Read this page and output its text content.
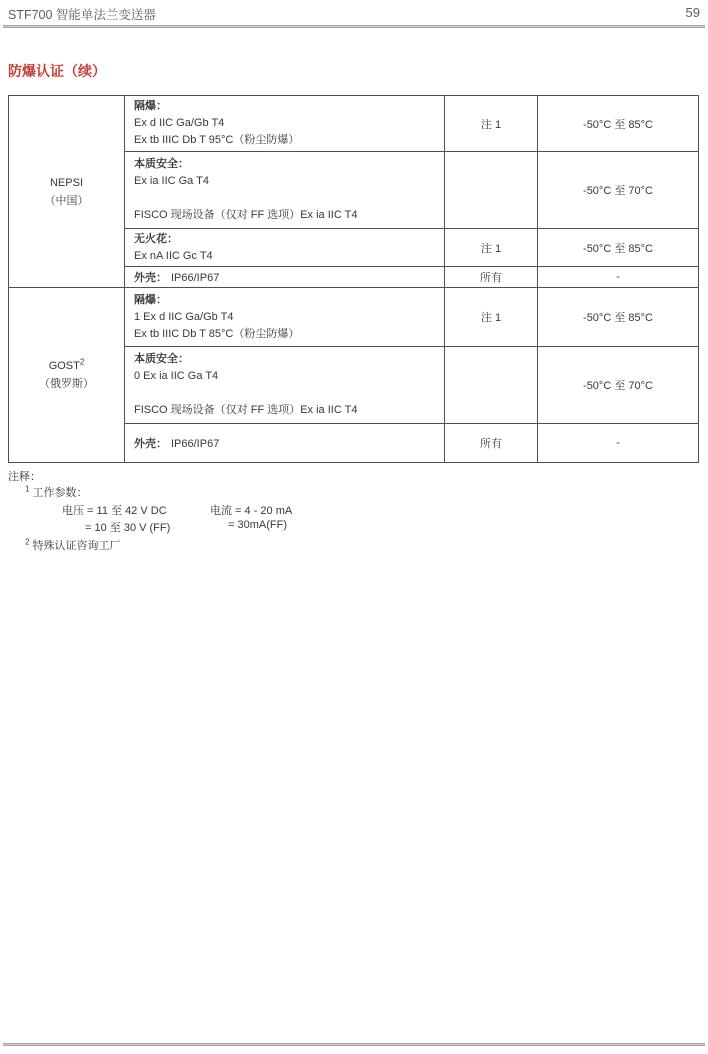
STF700 智能单法兰变送器	59
防爆认证（续）
NEPSI
（中国）

隔爆：
Ex d IIC Ga/Gb T4
Ex tb IIIC Db T 95°C（粉尘防爆）
	注 1	-50°C 至 85°C

	本质安全：
Ex ia IIC Ga T4
FISCO 现场设备（仅对 FF 选项）Ex ia IIC T4		-50°C 至 70°C

	无火花：
Ex nA IIC Gc T4	注 1	-50°C 至 85°C
	外壳： IP66/IP67	所有	-

GOST$^2$
（俄罗斯）

隔爆：
1 Ex d IIC Ga/Gb T4
Ex tb IIIC Db T 85°C（粉尘防爆）
	注 1	-50°C 至 85°C

	本质安全：
0 Ex ia IIC Ga T4
FISCO 现场设备（仅对 FF 选项）Ex ia IIC T4		-50°C 至 70°C
	外壳： IP66/IP67	所有	-
注释：
$^1$ 工作参数：
电压 = 11 至 42 V DC	电流 = 4 - 20 mA
= 10 至 30 V (FF)	= 30mA(FF)
$^2$ 特殊认证咨询工厂
